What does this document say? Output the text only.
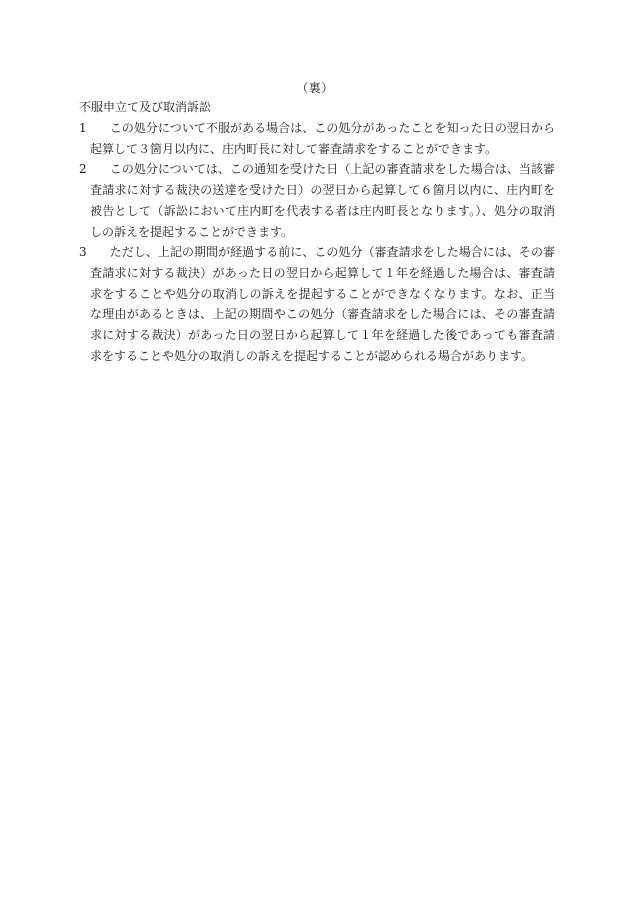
（裏）
不服申立て及び取消訴訟
1	この処分について不服がある場合は、この処分があったことを知った日の翌日から起算して３箇月以内に、庄内町長に対して審査請求をすることができます。
2	この処分については、この通知を受けた日（上記の審査請求をした場合は、当該審査請求に対する裁決の送達を受けた日）の翌日から起算して６箇月以内に、庄内町を被告として（訴訟において庄内町を代表する者は庄内町長となります。）、処分の取消しの訴えを提起することができます。
3	ただし、上記の期間が経過する前に、この処分（審査請求をした場合には、その審査請求に対する裁決）があった日の翌日から起算して１年を経過した場合は、審査請求をすることや処分の取消しの訴えを提起することができなくなります。なお、正当な理由があるときは、上記の期間やこの処分（審査請求をした場合には、その審査請求に対する裁決）があった日の翌日から起算して１年を経過した後であっても審査請求をすることや処分の取消しの訴えを提起することが認められる場合があります。
